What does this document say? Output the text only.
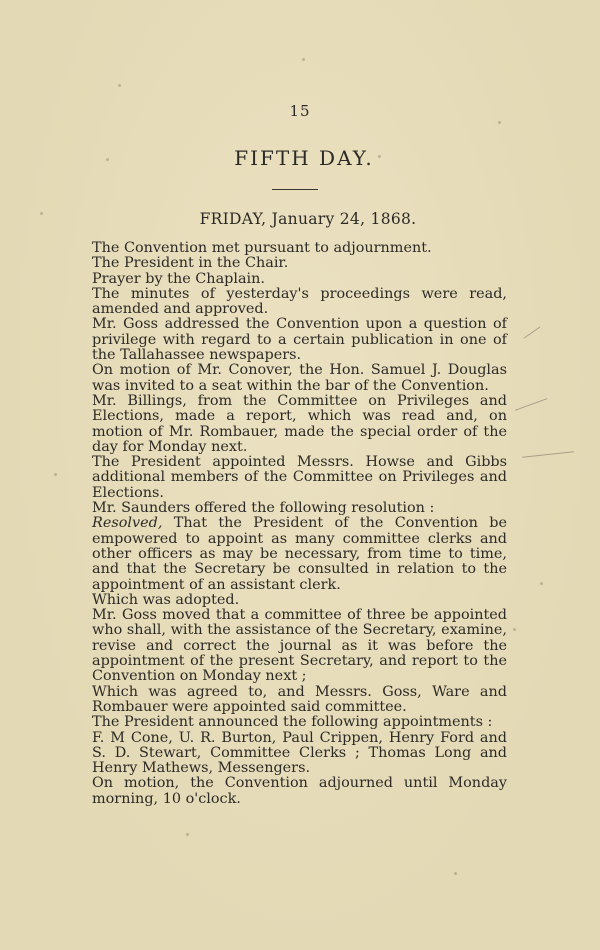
15
FIFTH DAY.
FRIDAY, January 24, 1868.

The Convention met pursuant to adjournment.

The President in the Chair.

Prayer by the Chaplain.

The minutes of yesterday's proceedings were read, amended and approved.

Mr. Goss addressed the Convention upon a question of privilege with regard to a certain publication in one of the Tallahassee newspapers.

On motion of Mr. Conover, the Hon. Samuel J. Douglas was invited to a seat within the bar of the Convention.

Mr. Billings, from the Committee on Privileges and Elections, made a report, which was read and, on motion of Mr. Rombauer, made the special order of the day for Monday next.

The President appointed Messrs. Howse and Gibbs additional members of the Committee on Privileges and Elections.

Mr. Saunders offered the following resolution :

Resolved, That the President of the Convention be empowered to appoint as many committee clerks and other officers as may be necessary, from time to time, and that the Secretary be consulted in relation to the appointment of an assistant clerk.

Which was adopted.

Mr. Goss moved that a committee of three be appointed who shall, with the assistance of the Secretary, examine, revise and correct the journal as it was before the appointment of the present Secretary, and report to the Convention on Monday next ;

Which was agreed to, and Messrs. Goss, Ware and Rombauer were appointed said committee.

The President announced the following appointments :

F. M Cone, U. R. Burton, Paul Crippen, Henry Ford and S. D. Stewart, Committee Clerks ; Thomas Long and Henry Mathews, Messengers.

On motion, the Convention adjourned until Monday morning, 10 o'clock.
